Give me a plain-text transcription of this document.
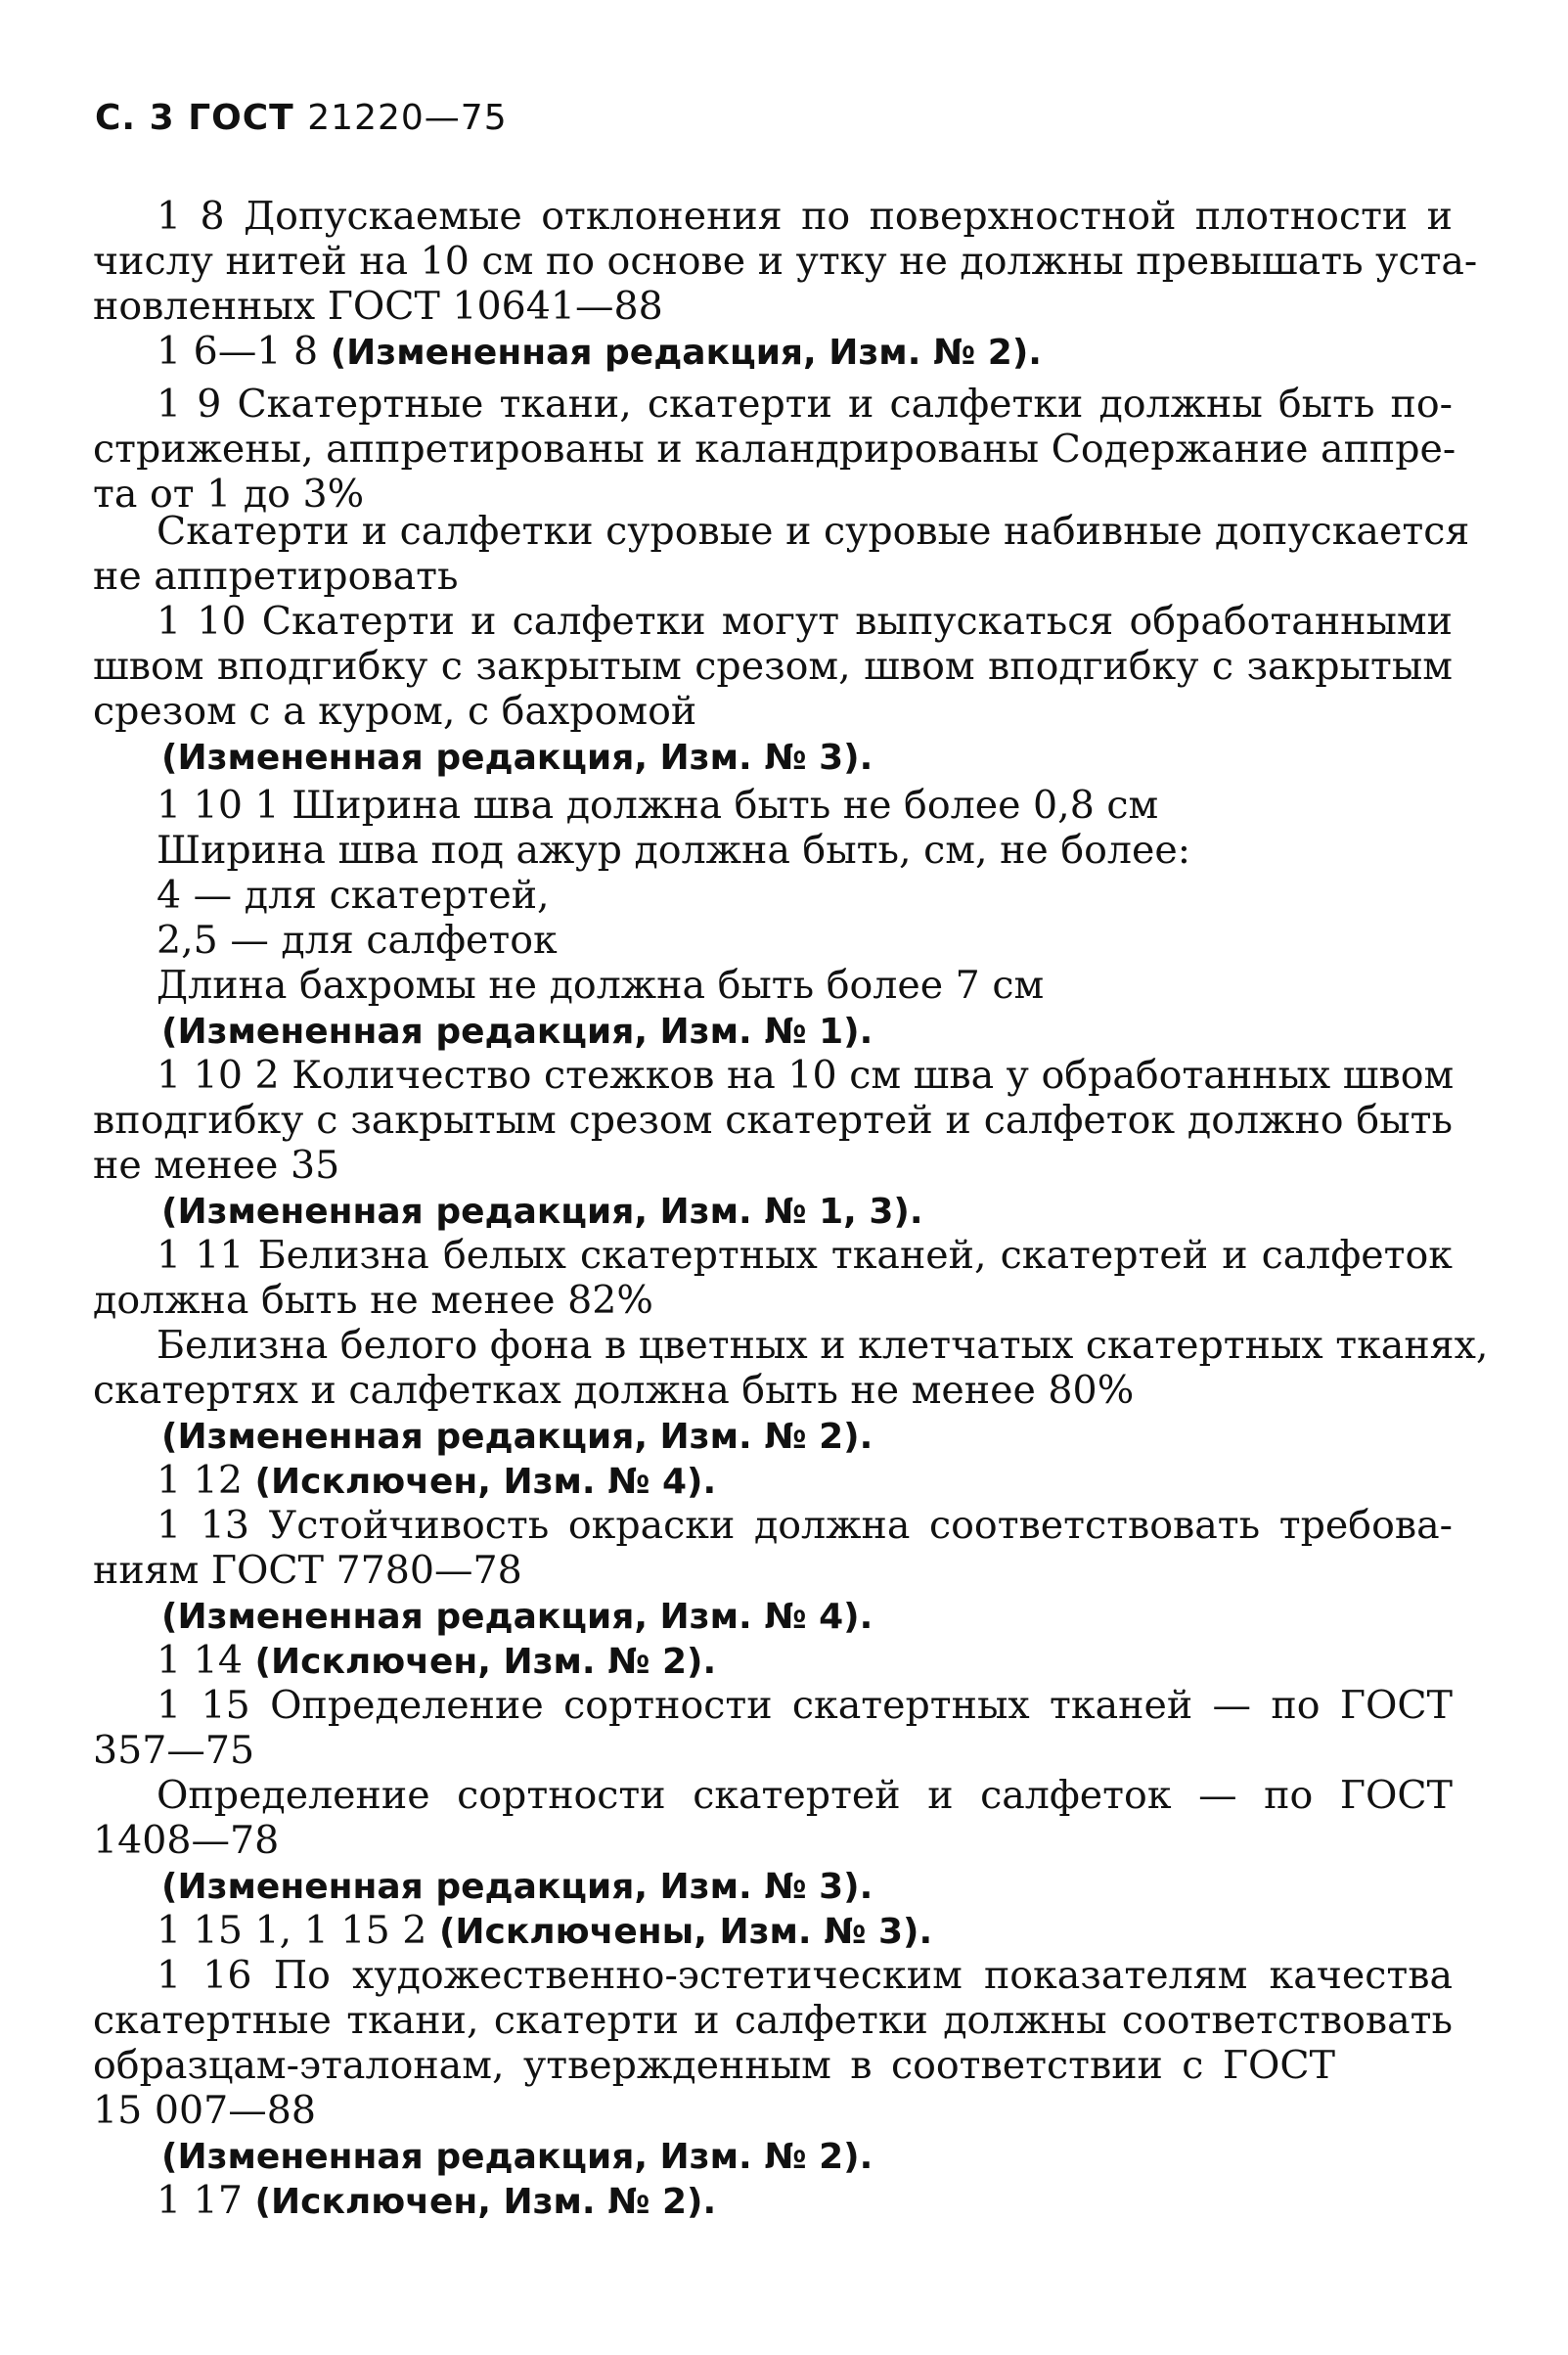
С. 3 ГОСТ 21220—75
1 8 Допускаемые отклонения по поверхностной плотности и
числу нитей на 10 см по основе и утку не должны превышать уста-
новленных ГОСТ 10641—88
1 6—1 8 (Измененная редакция, Изм. № 2).
1 9 Скатертные ткани, скатерти и салфетки должны быть по-
стрижены, аппретированы и каландрированы Содержание аппре-
та от 1 до 3%
Скатерти и салфетки суровые и суровые набивные допускается
не аппретировать
1 10 Скатерти и салфетки могут выпускаться обработанными
швом вподгибку с закрытым срезом, швом вподгибку с закрытым
срезом с а куром, с бахромой
(Измененная редакция, Изм. № 3).
1 10 1 Ширина шва должна быть не более 0,8 см
Ширина шва под ажур должна быть, см, не более:
4 — для скатертей,
2,5 — для салфеток
Длина бахромы не должна быть более 7 см
(Измененная редакция, Изм. № 1).
1 10 2 Количество стежков на 10 см шва у обработанных швом
вподгибку с закрытым срезом скатертей и салфеток должно быть
не менее 35
(Измененная редакция, Изм. № 1, 3).
1 11 Белизна белых скатертных тканей, скатертей и салфеток
должна быть не менее 82%
Белизна белого фона в цветных и клетчатых скатертных тканях,
скатертях и салфетках должна быть не менее 80%
(Измененная редакция, Изм. № 2).
1 12 (Исключен, Изм. № 4).
1 13 Устойчивость окраски должна соответствовать требова-
ниям ГОСТ 7780—78
(Измененная редакция, Изм. № 4).
1 14 (Исключен, Изм. № 2).
1 15 Определение сортности скатертных тканей — по ГОСТ
357—75
Определение сортности скатертей и салфеток — по ГОСТ
1408—78
(Измененная редакция, Изм. № 3).
1 15 1, 1 15 2 (Исключены, Изм. № 3).
1 16 По художественно-эстетическим показателям качества
скатертные ткани, скатерти и салфетки должны соответствовать
образцам-эталонам, утвержденным в соответствии с ГОСТ
15 007—88
(Измененная редакция, Изм. № 2).
1 17 (Исключен, Изм. № 2).
